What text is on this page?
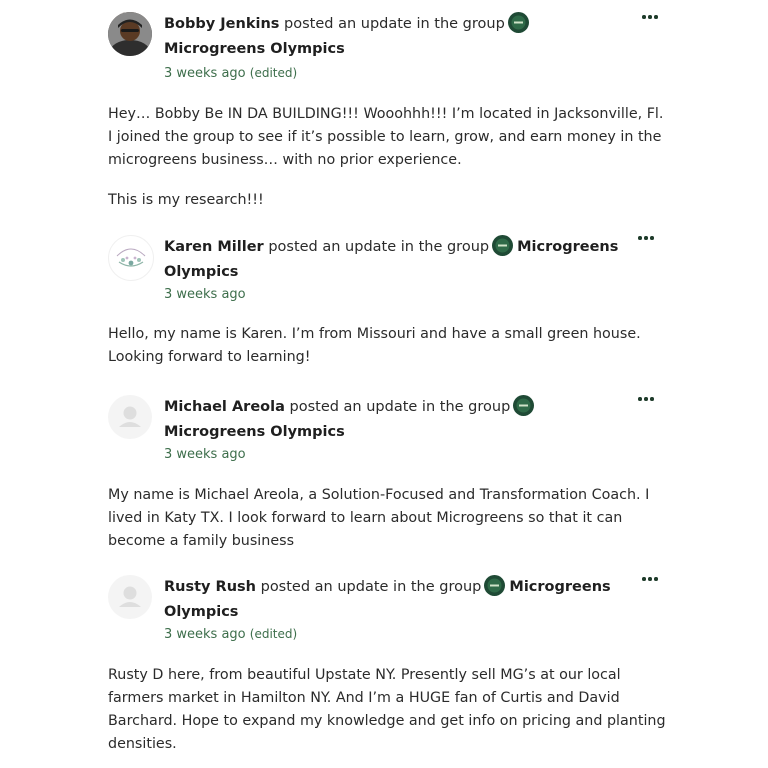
Bobby Jenkins posted an update in the groupMicrogreens Olympics
3 weeks ago (edited)

Hey… Bobby Be IN DA BUILDING!!! Wooohhh!!! I’m located in Jacksonville, Fl. I joined the group to see if it’s possible to learn, grow, and earn money in the microgreens business… with no prior experience.

This is my research!!!

Karen Miller posted an update in the group Microgreens Olympics
3 weeks ago

Hello, my name is Karen. I’m from Missouri and have a small green house. Looking forward to learning!

Michael Areola posted an update in the groupMicrogreens Olympics
3 weeks ago

My name is Michael Areola, a Solution-Focused and Transformation Coach. I lived in Katy TX. I look forward to learn about Microgreens so that it can become a family business

Rusty Rush posted an update in the group Microgreens Olympics
3 weeks ago (edited)

Rusty D here, from beautiful Upstate NY. Presently sell MG’s at our local farmers market in Hamilton NY. And I’m a HUGE fan of Curtis and David Barchard. Hope to expand my knowledge and get info on pricing and planting densities.
